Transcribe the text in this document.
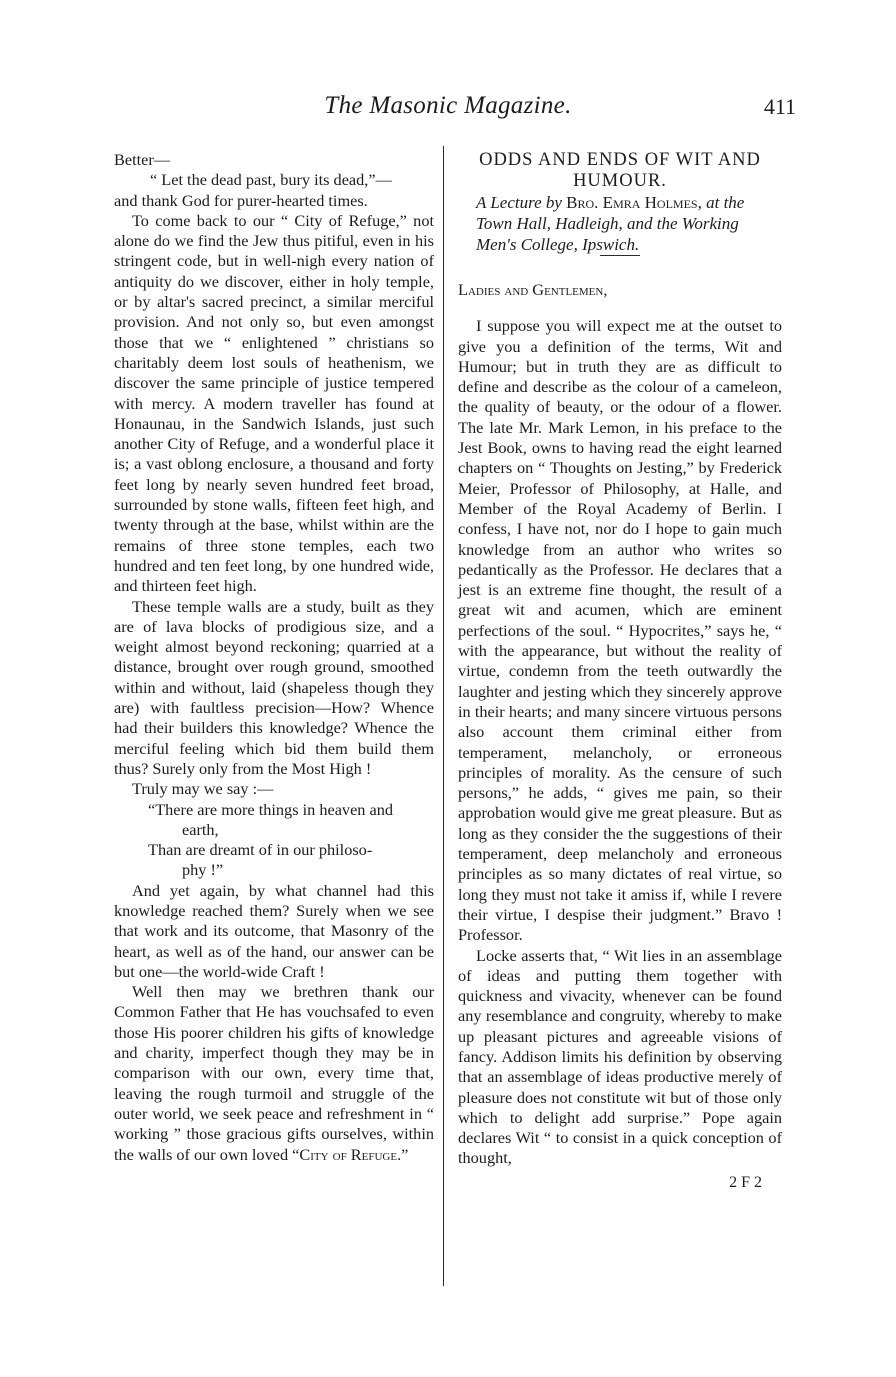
The Masonic Magazine.	411

Better—

“ Let the dead past, bury its dead,”—

and thank God for purer-hearted times.

To come back to our “ City of Refuge,” not alone do we find the Jew thus pitiful, even in his stringent code, but in well-nigh every nation of antiquity do we discover, either in holy temple, or by altar's sacred precinct, a similar merciful provision. And not only so, but even amongst those that we “ enlightened ” christians so charitably deem lost souls of heathenism, we discover the same principle of justice tempered with mercy. A modern traveller has found at Honaunau, in the Sandwich Islands, just such another City of Refuge, and a wonderful place it is; a vast oblong enclosure, a thousand and forty feet long by nearly seven hundred feet broad, surrounded by stone walls, fifteen feet high, and twenty through at the base, whilst within are the remains of three stone temples, each two hundred and ten feet long, by one hundred wide, and thirteen feet high.

These temple walls are a study, built as they are of lava blocks of prodigious size, and a weight almost beyond reckoning; quarried at a distance, brought over rough ground, smoothed within and without, laid (shapeless though they are) with faultless precision—How? Whence had their builders this knowledge? Whence the merciful feeling which bid them build them thus? Surely only from the Most High !

Truly may we say :—

“There are more things in heaven and

earth,

Than are dreamt of in our philoso-

phy !”

And yet again, by what channel had this knowledge reached them? Surely when we see that work and its outcome, that Masonry of the heart, as well as of the hand, our answer can be but one—the world-wide Craft !

Well then may we brethren thank our Common Father that He has vouchsafed to even those His poorer children his gifts of knowledge and charity, imperfect though they may be in comparison with our own, every time that, leaving the rough turmoil and struggle of the outer world, we seek peace and refreshment in “ working ” those gracious gifts ourselves, within the walls of our own loved “City of Refuge.”

ODDS AND ENDS OF WIT AND HUMOUR.

A Lecture by Bro. Emra Holmes, at the Town Hall, Hadleigh, and the Working Men's College, Ipswich.

Ladies and Gentlemen,

I suppose you will expect me at the outset to give you a definition of the terms, Wit and Humour; but in truth they are as difficult to define and describe as the colour of a cameleon, the quality of beauty, or the odour of a flower. The late Mr. Mark Lemon, in his preface to the Jest Book, owns to having read the eight learned chapters on “ Thoughts on Jesting,” by Frederick Meier, Professor of Philosophy, at Halle, and Member of the Royal Academy of Berlin. I confess, I have not, nor do I hope to gain much knowledge from an author who writes so pedantically as the Professor. He declares that a jest is an extreme fine thought, the result of a great wit and acumen, which are eminent perfections of the soul. “ Hypocrites,” says he, “ with the appearance, but without the reality of virtue, condemn from the teeth outwardly the laughter and jesting which they sincerely approve in their hearts; and many sincere virtuous persons also account them criminal either from temperament, melancholy, or erroneous principles of morality. As the censure of such persons,” he adds, “ gives me pain, so their approbation would give me great pleasure. But as long as they consider the the suggestions of their temperament, deep melancholy and erroneous principles as so many dictates of real virtue, so long they must not take it amiss if, while I revere their virtue, I despise their judgment.” Bravo ! Professor.

Locke asserts that, “ Wit lies in an assemblage of ideas and putting them together with quickness and vivacity, whenever can be found any resemblance and congruity, whereby to make up pleasant pictures and agreeable visions of fancy. Addison limits his definition by observing that an assemblage of ideas productive merely of pleasure does not constitute wit but of those only which to delight add surprise.” Pope again declares Wit “ to consist in a quick conception of thought,

2 F 2
